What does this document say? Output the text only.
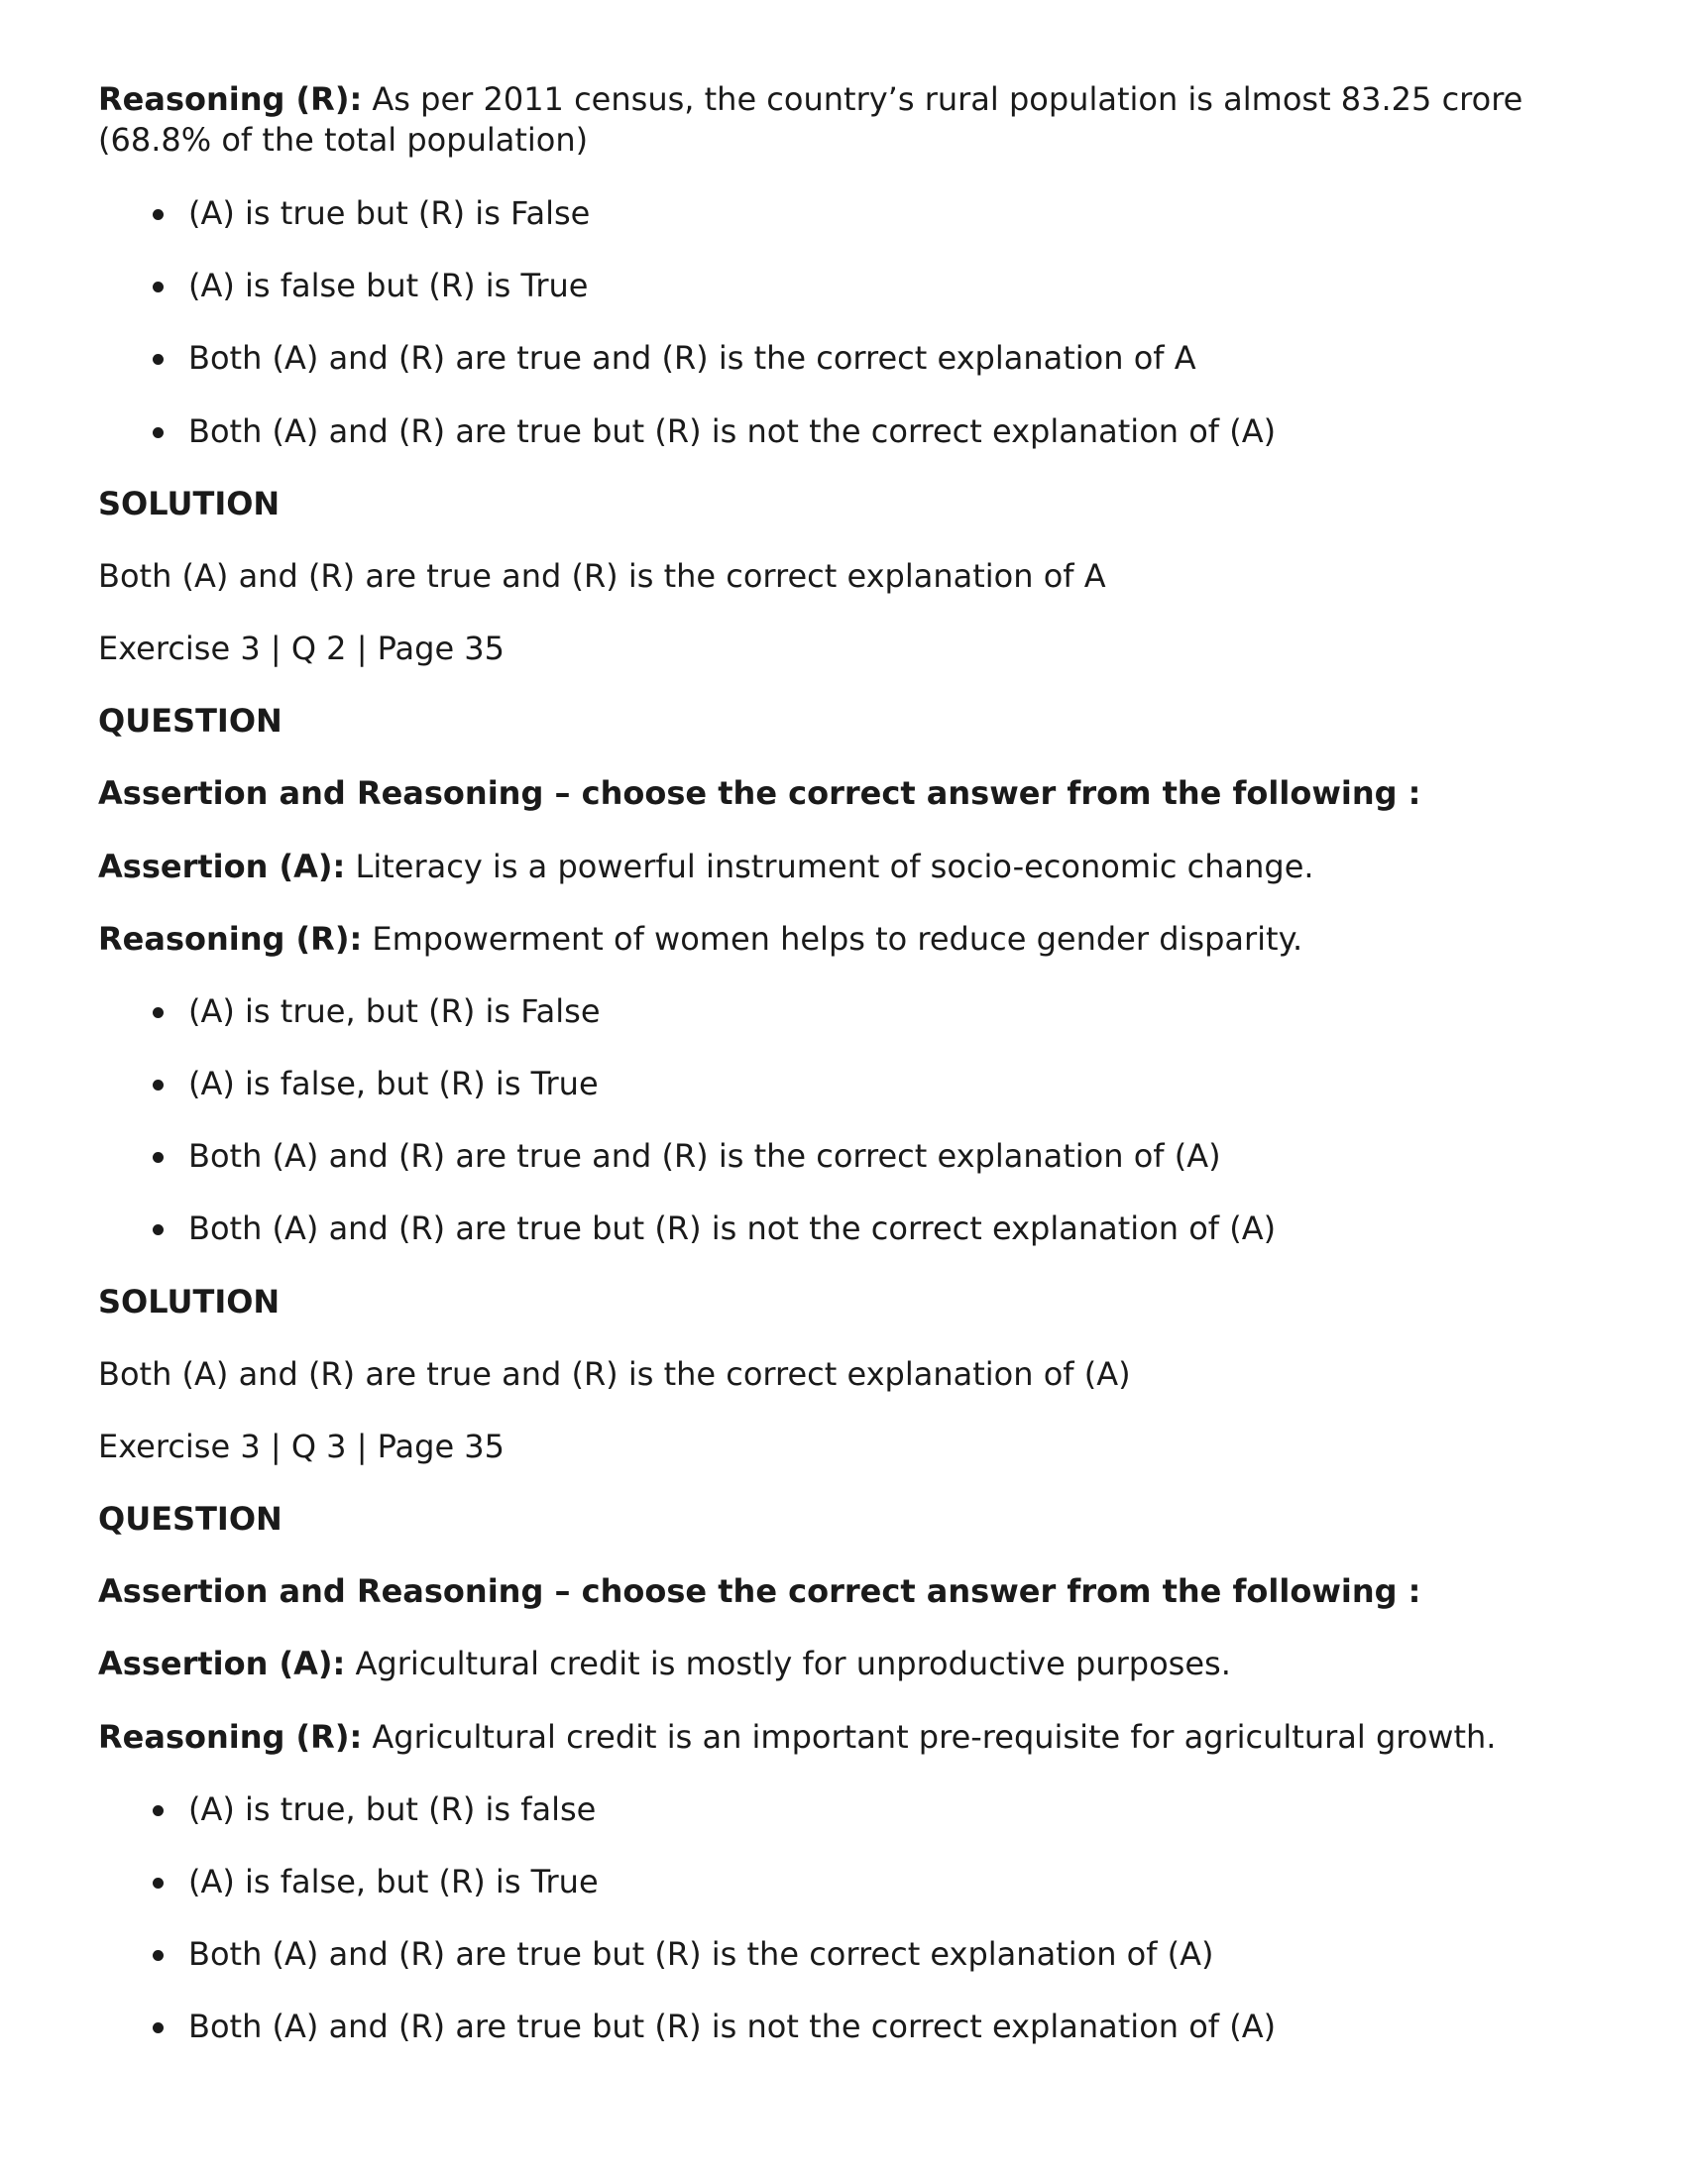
Reasoning (R): As per 2011 census, the country’s rural population is almost 83.25 crore (68.8% of the total population)
(A) is true but (R) is False
(A) is false but (R) is True
Both (A) and (R) are true and (R) is the correct explanation of A
Both (A) and (R) are true but (R) is not the correct explanation of (A)
SOLUTION
Both (A) and (R) are true and (R) is the correct explanation of A
Exercise 3 | Q 2 | Page 35
QUESTION
Assertion and Reasoning – choose the correct answer from the following :
Assertion (A): Literacy is a powerful instrument of socio-economic change.
Reasoning (R): Empowerment of women helps to reduce gender disparity.
(A) is true, but (R) is False
(A) is false, but (R) is True
Both (A) and (R) are true and (R) is the correct explanation of (A)
Both (A) and (R) are true but (R) is not the correct explanation of (A)
SOLUTION
Both (A) and (R) are true and (R) is the correct explanation of (A)
Exercise 3 | Q 3 | Page 35
QUESTION
Assertion and Reasoning – choose the correct answer from the following :
Assertion (A): Agricultural credit is mostly for unproductive purposes.
Reasoning (R): Agricultural credit is an important pre-requisite for agricultural growth.
(A) is true, but (R) is false
(A) is false, but (R) is True
Both (A) and (R) are true but (R) is the correct explanation of (A)
Both (A) and (R) are true but (R) is not the correct explanation of (A)
